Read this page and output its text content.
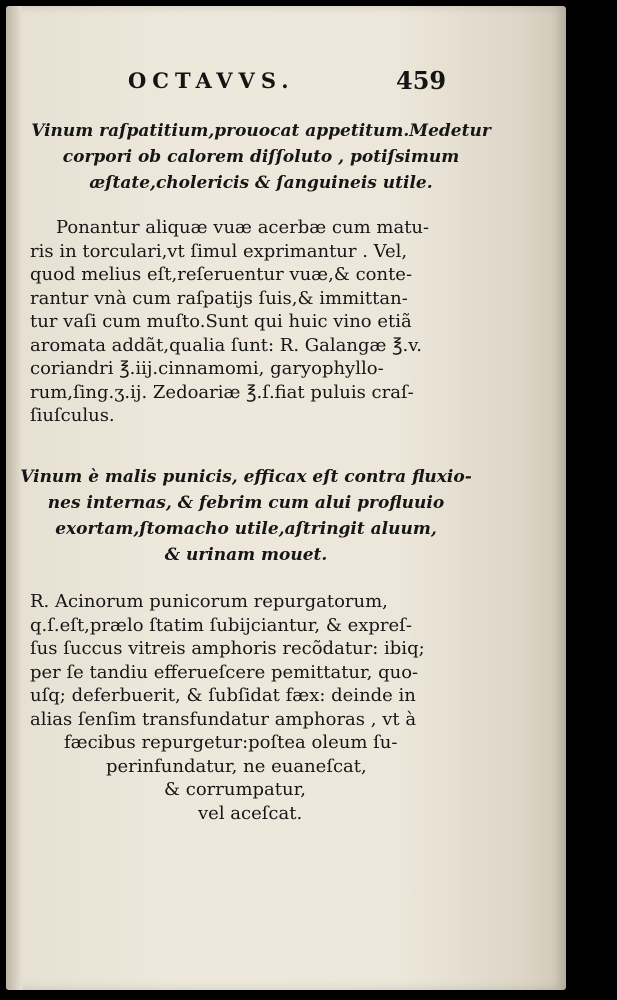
OCTAVVS.	459

Vinum raſpatitium,prouocat appetitum.Medetur

corpori ob calorem diſſoluto , potiſsimum

æſtate,cholericis & ſanguineis utile.

Ponantur aliquæ vuæ acerbæ cum matu-

ris in torculari,vt ſimul exprimantur . Vel,

quod melius eſt,reſeruentur vuæ,& conte-

rantur vnà cum raſpatijs ſuis,& immittan-

tur vaſi cum muſto.Sunt qui huic vino etiã

aromata addãt,qualia ſunt: R. Galangæ ℥.v.

coriandri ℥.iij.cinnamomi, garyophyllo-

rum,ſing.ʒ.ij. Zedoariæ ℥.ſ.fiat puluis craſ-

ſiuſculus.

Vinum è malis punicis, efficax eſt contra fluxio-

nes internas, & febrim cum alui profluuio

exortam,ſtomacho utile,aſtringit aluum,

& urinam mouet.

R. Acinorum punicorum repurgatorum,

q.ſ.eſt,prælo ſtatim ſubijciantur, & expreſ-

ſus ſuccus vitreis amphoris recõdatur: ibiq;

per ſe tandiu efferueſcere pemittatur, quo-

uſq; deferbuerit, & ſubſidat fæx: deinde in

alias ſenſim transfundatur amphoras , vt à

fæcibus repurgetur:poſtea oleum ſu-

perinfundatur, ne euaneſcat,

& corrumpatur,

vel aceſcat.
